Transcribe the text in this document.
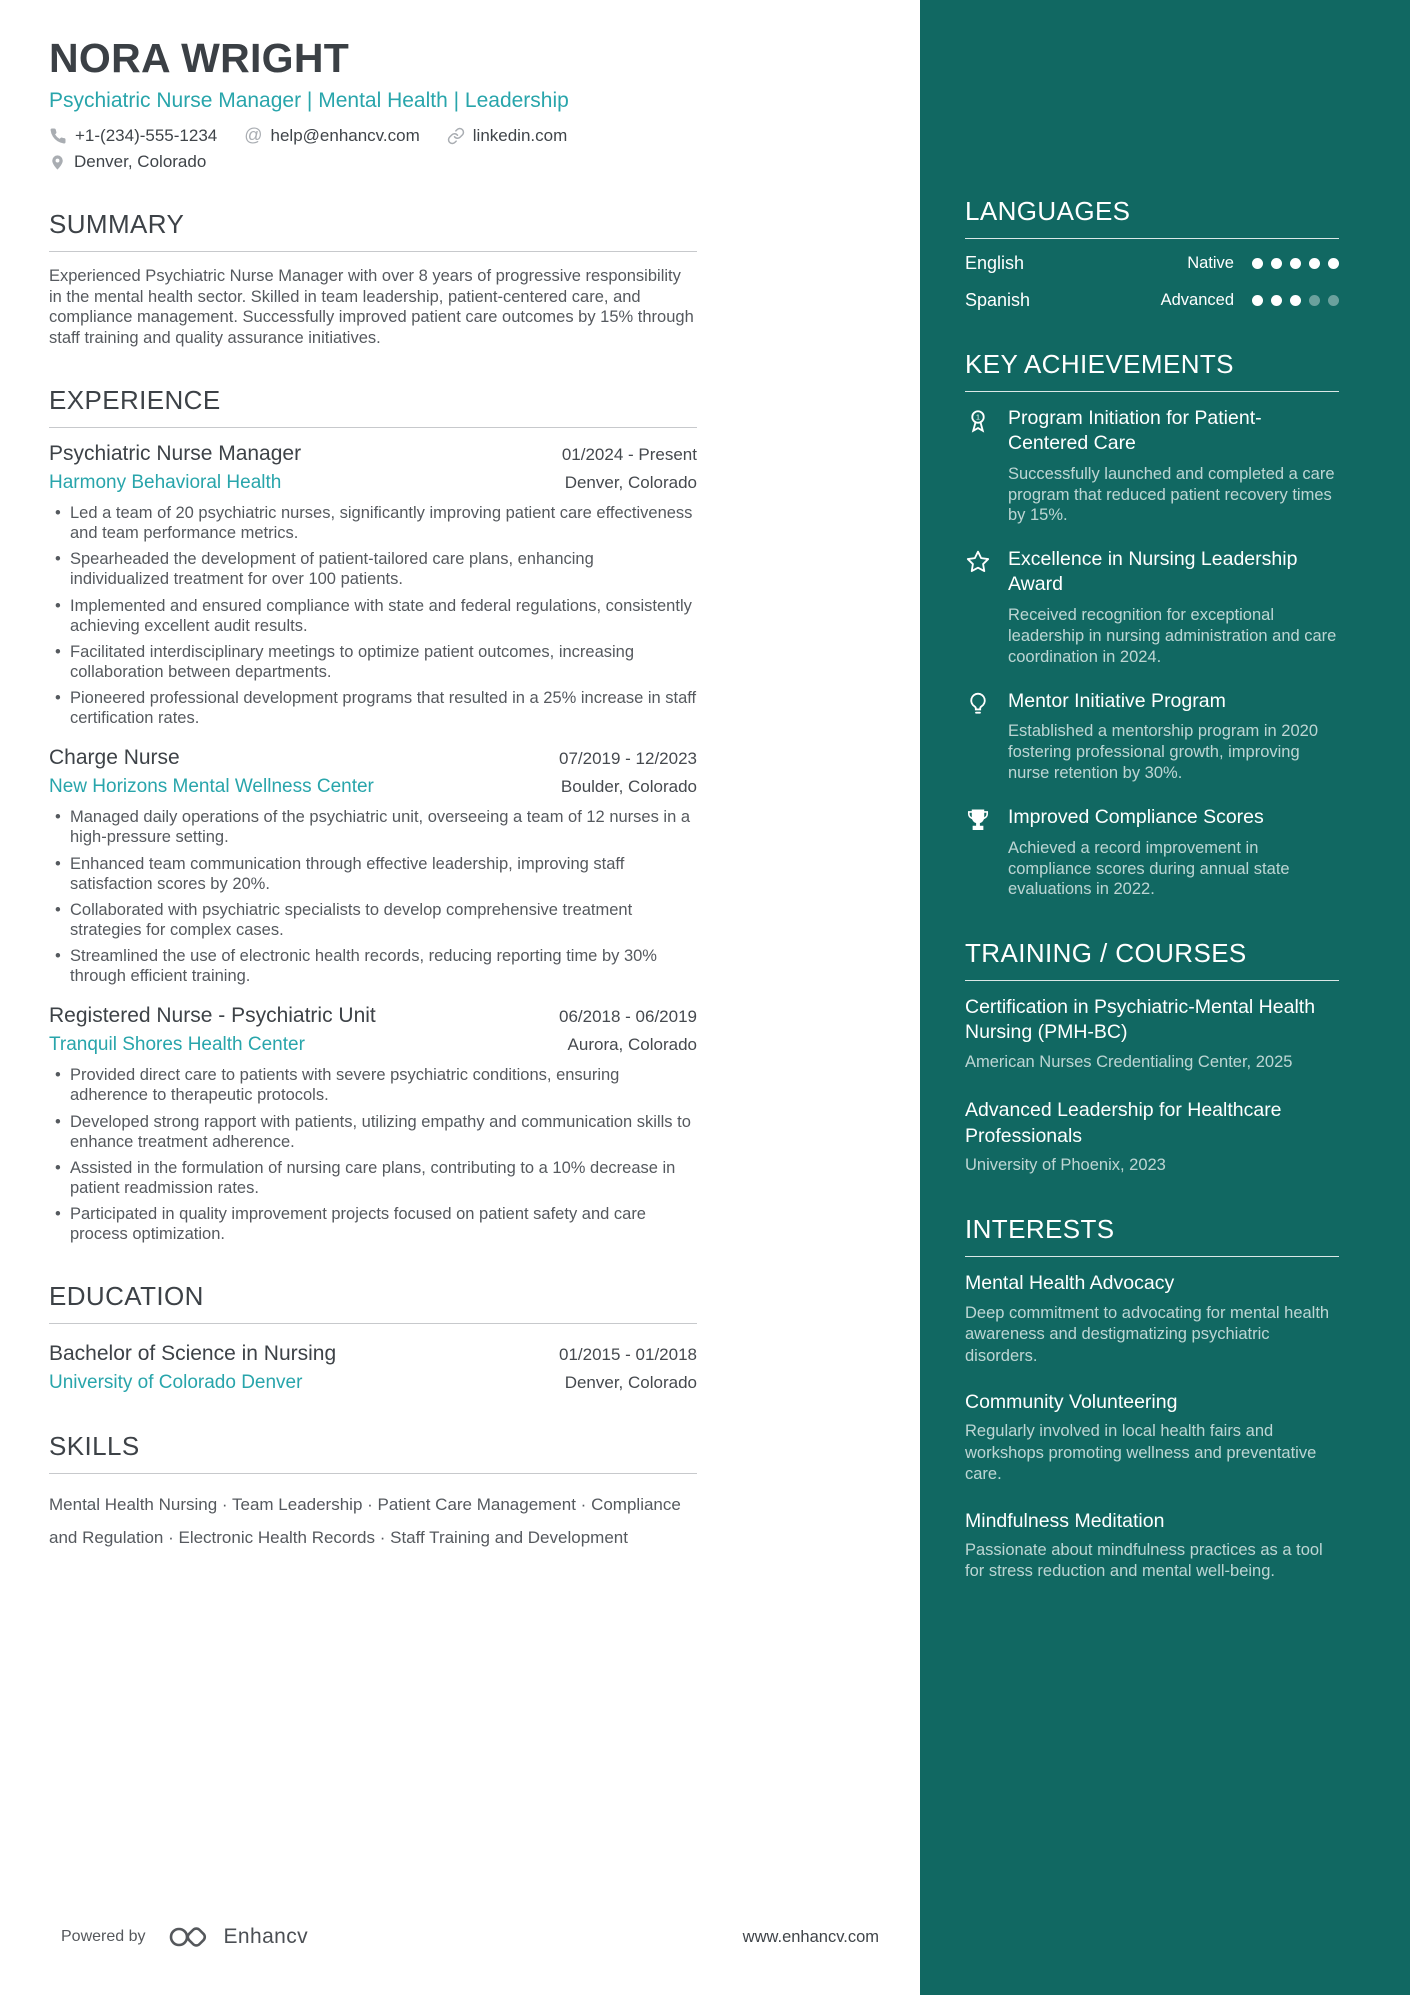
NORA WRIGHT
Psychiatric Nurse Manager | Mental Health | Leadership
+1-(234)-555-1234 @ help@enhancv.com	linkedin.com
Denver, Colorado
SUMMARY

Experienced Psychiatric Nurse Manager with over 8 years of progressive responsibility in the mental health sector. Skilled in team leadership, patient-centered care, and compliance management. Successfully improved patient care outcomes by 15% through staff training and quality assurance initiatives.

EXPERIENCE
Psychiatric Nurse Manager	01/2024 - Present
Harmony Behavioral Health	Denver, Colorado
• Led a team of 20 psychiatric nurses, significantly improving patient care effectiveness and team performance metrics.
• Spearheaded the development of patient-tailored care plans, enhancing individualized treatment for over 100 patients.
• Implemented and ensured compliance with state and federal regulations, consistently achieving excellent audit results.
• Facilitated interdisciplinary meetings to optimize patient outcomes, increasing collaboration between departments.
• Pioneered professional development programs that resulted in a 25% increase in staff certification rates.
Charge Nurse	07/2019 - 12/2023
New Horizons Mental Wellness Center	Boulder, Colorado
• Managed daily operations of the psychiatric unit, overseeing a team of 12 nurses in a high-pressure setting.
• Enhanced team communication through effective leadership, improving staff satisfaction scores by 20%.
• Collaborated with psychiatric specialists to develop comprehensive treatment strategies for complex cases.
• Streamlined the use of electronic health records, reducing reporting time by 30% through efficient training.
Registered Nurse - Psychiatric Unit	06/2018 - 06/2019
Tranquil Shores Health Center	Aurora, Colorado
• Provided direct care to patients with severe psychiatric conditions, ensuring adherence to therapeutic protocols.
• Developed strong rapport with patients, utilizing empathy and communication skills to enhance treatment adherence.
• Assisted in the formulation of nursing care plans, contributing to a 10% decrease in patient readmission rates.
• Participated in quality improvement projects focused on patient safety and care process optimization.
EDUCATION
Bachelor of Science in Nursing	01/2015 - 01/2018
University of Colorado Denver	Denver, Colorado
SKILLS

Mental Health Nursing · Team Leadership · Patient Care Management · Compliance and Regulation · Electronic Health Records · Staff Training and Development

Powered by	Enhancv	www.enhancv.com
LANGUAGES
English	Native
Spanish	Advanced
KEY ACHIEVEMENTS
1 Program Initiation for Patient-Centered Care
Successfully launched and completed a care program that reduced patient recovery times by 15%.
Excellence in Nursing Leadership Award
Received recognition for exceptional leadership in nursing administration and care coordination in 2024.
Mentor Initiative Program
Established a mentorship program in 2020 fostering professional growth, improving nurse retention by 30%.
Improved Compliance Scores
Achieved a record improvement in compliance scores during annual state evaluations in 2022.
TRAINING / COURSES
Certification in Psychiatric-Mental Health Nursing (PMH-BC)
American Nurses Credentialing Center, 2025
Advanced Leadership for Healthcare Professionals
University of Phoenix, 2023
INTERESTS
Mental Health Advocacy
Deep commitment to advocating for mental health awareness and destigmatizing psychiatric disorders.
Community Volunteering
Regularly involved in local health fairs and workshops promoting wellness and preventative care.
Mindfulness Meditation
Passionate about mindfulness practices as a tool for stress reduction and mental well-being.
